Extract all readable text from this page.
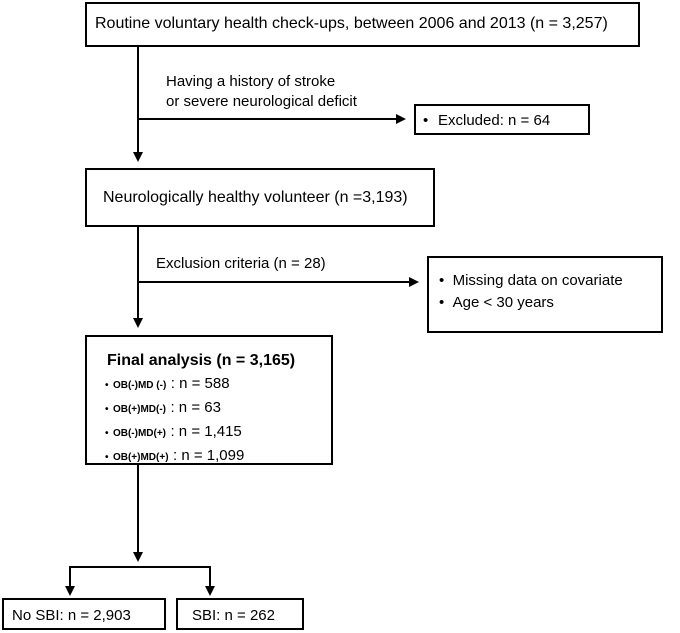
Routine voluntary health check-ups, between 2006 and 2013 (n = 3,257)
Having a history of stroke
or severe neurological deficit
• Excluded: n = 64
Neurologically healthy volunteer (n =3,193)
Exclusion criteria (n = 28)
• Missing data on covariate
• Age < 30 years
Final analysis (n = 3,165)
• OB(-)MD (-) : n = 588
• OB(+)MD(-) : n = 63
• OB(-)MD(+) : n = 1,415
• OB(+)MD(+) : n = 1,099
No SBI: n = 2,903	SBI: n = 262
